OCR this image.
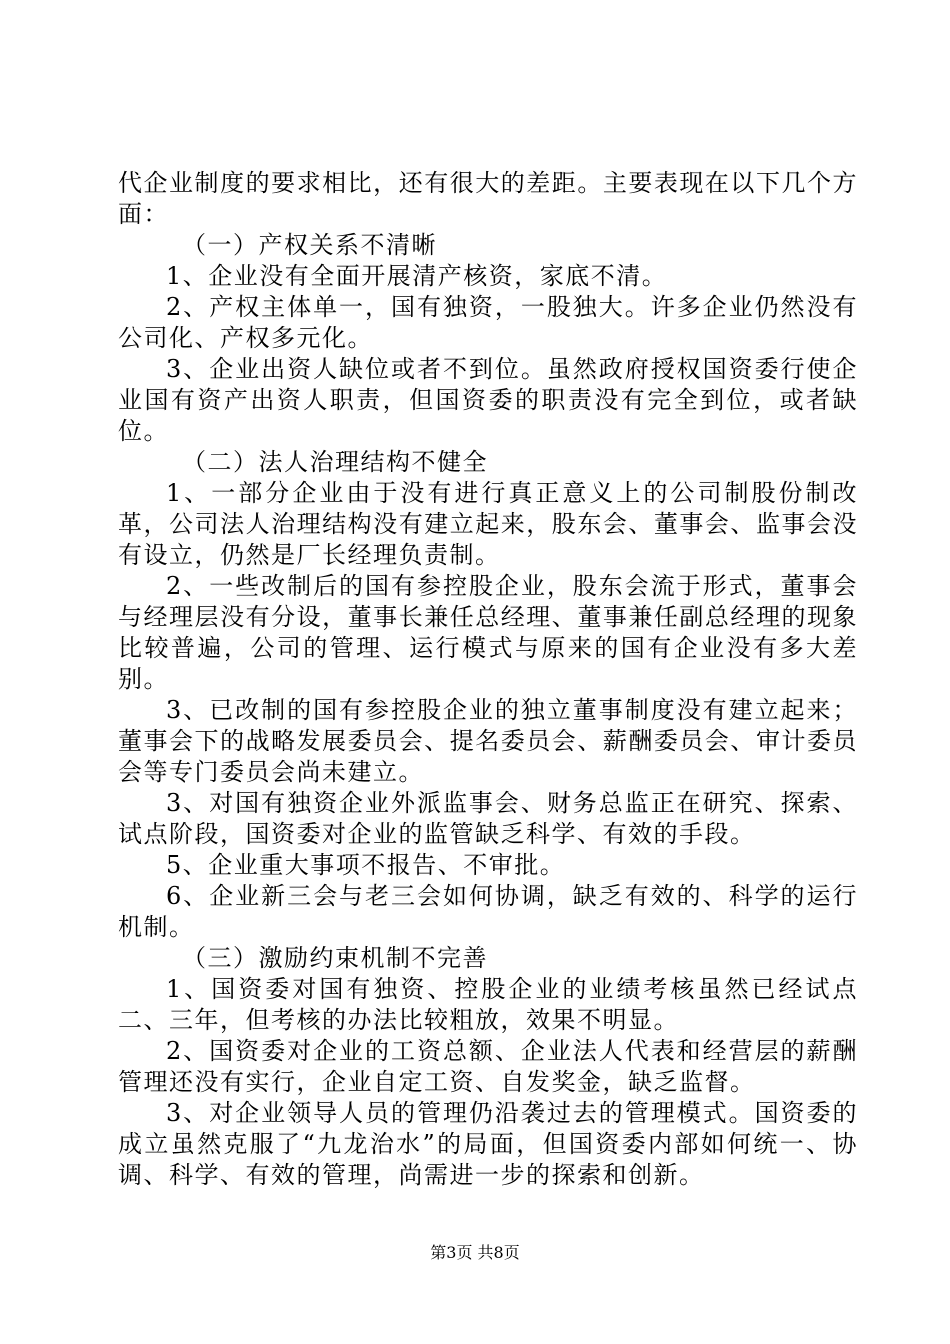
代企业制度的要求相比，还有很大的差距。主要表现在以下几个方面：

（一）产权关系不清晰

1、企业没有全面开展清产核资，家底不清。

2、产权主体单一，国有独资，一股独大。许多企业仍然没有公司化、产权多元化。

3、企业出资人缺位或者不到位。虽然政府授权国资委行使企业国有资产出资人职责，但国资委的职责没有完全到位，或者缺位。

（二）法人治理结构不健全

1、一部分企业由于没有进行真正意义上的公司制股份制改革，公司法人治理结构没有建立起来，股东会、董事会、监事会没有设立，仍然是厂长经理负责制。

2、一些改制后的国有参控股企业，股东会流于形式，董事会与经理层没有分设，董事长兼任总经理、董事兼任副总经理的现象比较普遍，公司的管理、运行模式与原来的国有企业没有多大差别。

3、已改制的国有参控股企业的独立董事制度没有建立起来；董事会下的战略发展委员会、提名委员会、薪酬委员会、审计委员会等专门委员会尚未建立。

3、对国有独资企业外派监事会、财务总监正在研究、探索、试点阶段，国资委对企业的监管缺乏科学、有效的手段。

5、企业重大事项不报告、不审批。

6、企业新三会与老三会如何协调，缺乏有效的、科学的运行机制。

（三）激励约束机制不完善

1、国资委对国有独资、控股企业的业绩考核虽然已经试点二、三年，但考核的办法比较粗放，效果不明显。

2、国资委对企业的工资总额、企业法人代表和经营层的薪酬管理还没有实行，企业自定工资、自发奖金，缺乏监督。

3、对企业领导人员的管理仍沿袭过去的管理模式。国资委的成立虽然克服了“九龙治水”的局面，但国资委内部如何统一、协调、科学、有效的管理，尚需进一步的探索和创新。

第3页 共8页
